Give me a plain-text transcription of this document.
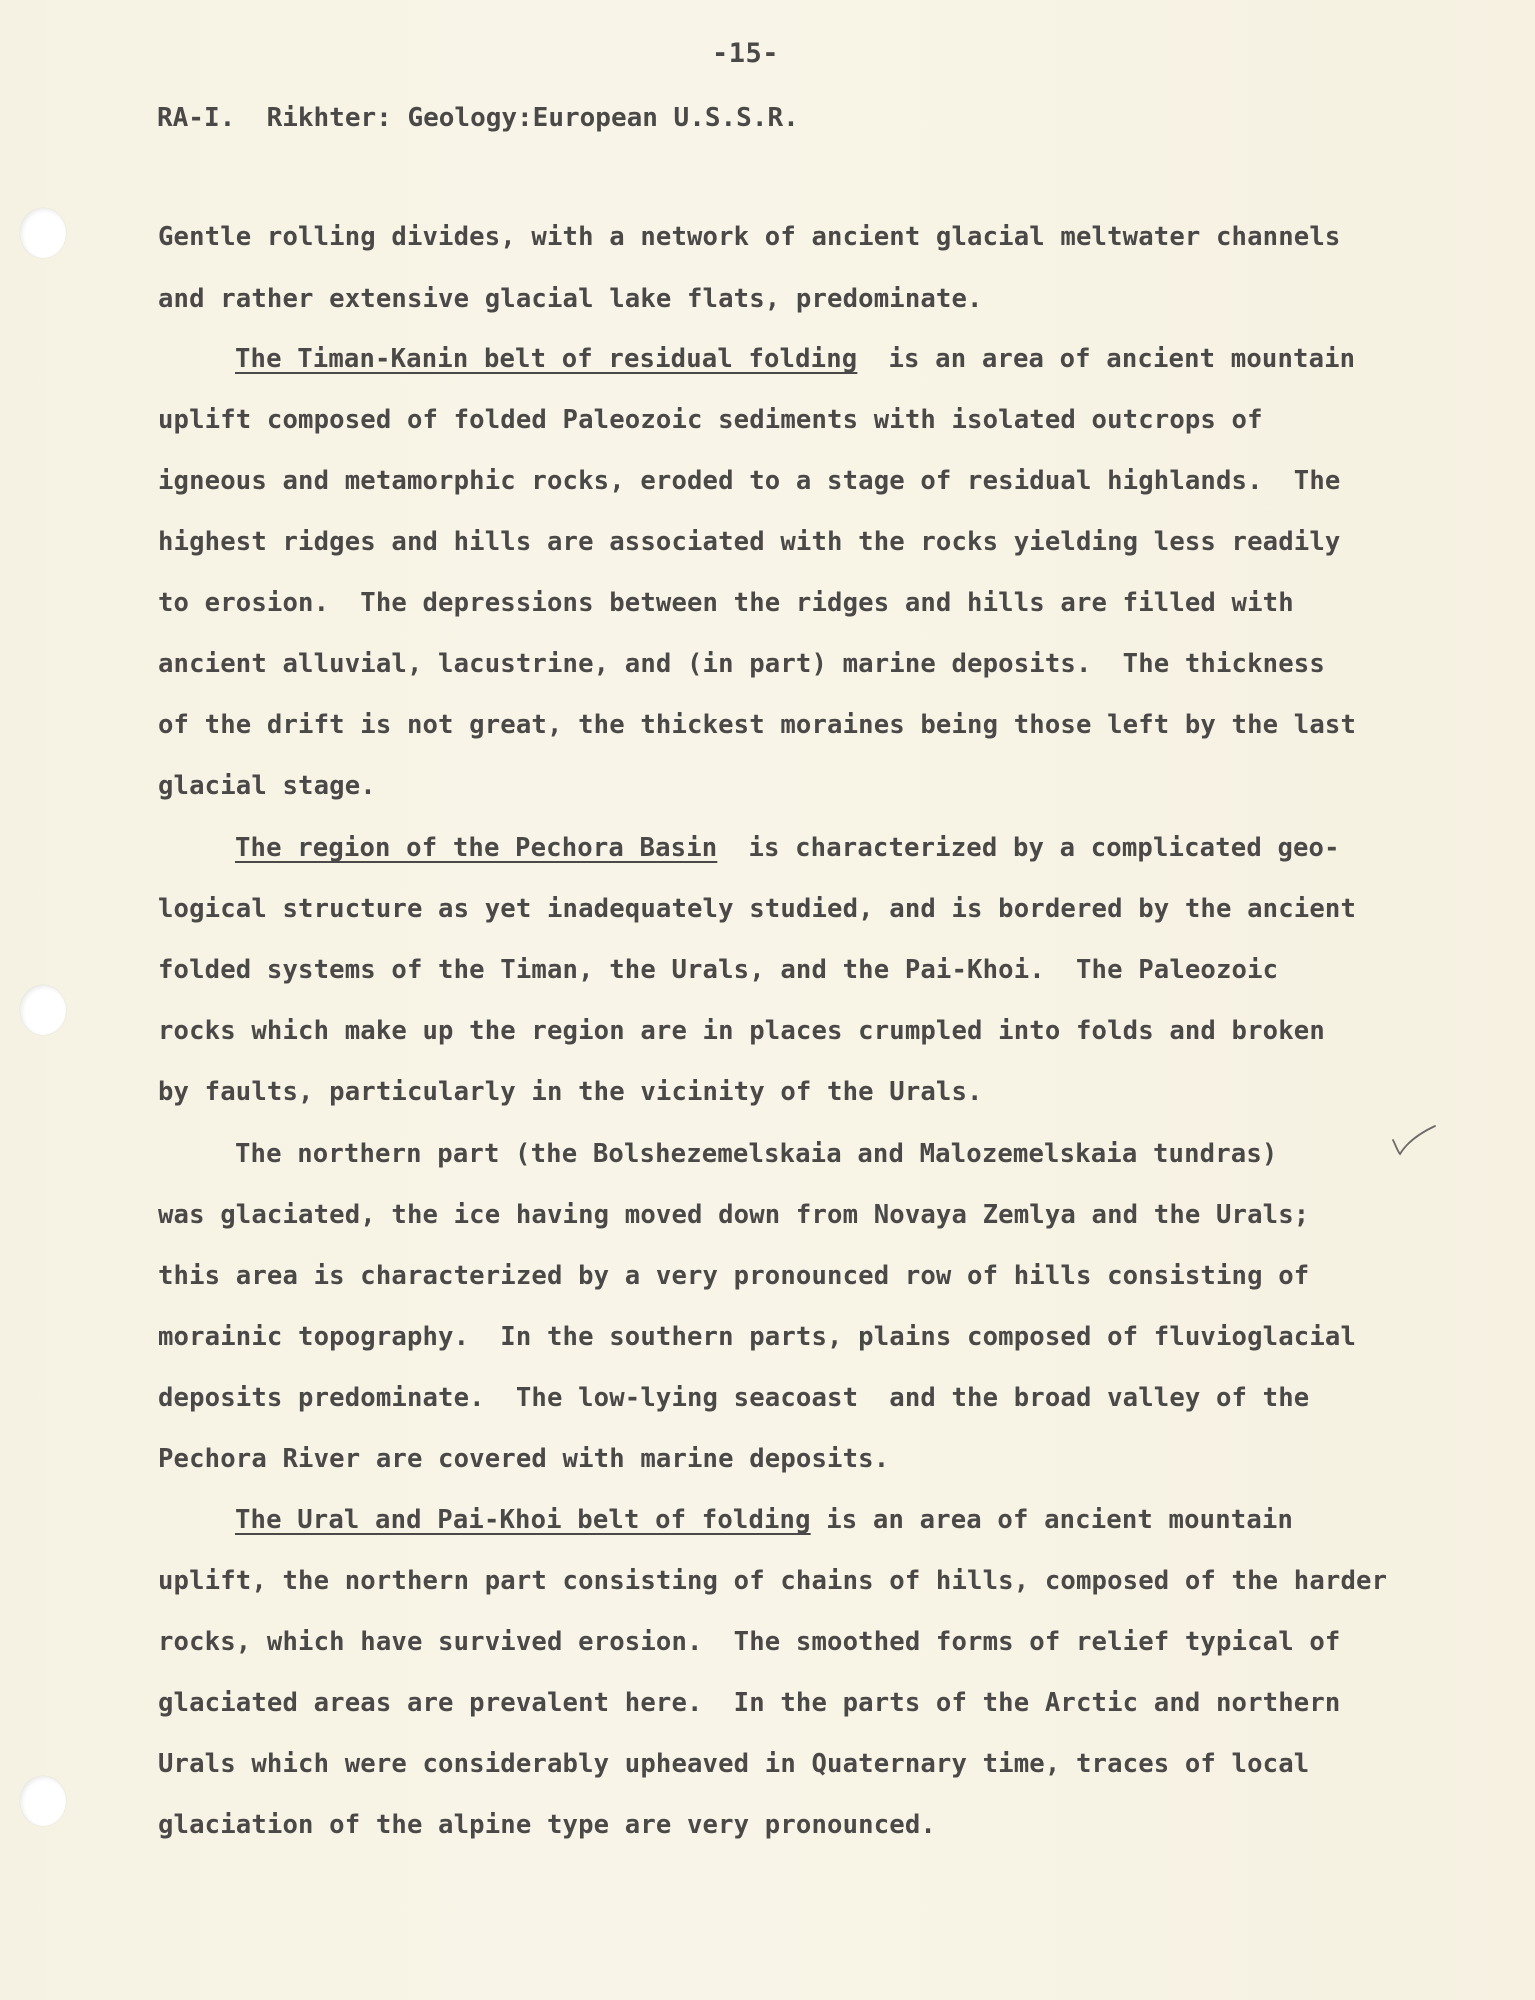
-15-
RA-I.  Rikhter: Geology:European U.S.S.R.
Gentle rolling divides, with a network of ancient glacial meltwater channels
and rather extensive glacial lake flats, predominate.
The Timan-Kanin belt of residual folding  is an area of ancient mountain
uplift composed of folded Paleozoic sediments with isolated outcrops of
igneous and metamorphic rocks, eroded to a stage of residual highlands.  The
highest ridges and hills are associated with the rocks yielding less readily
to erosion.  The depressions between the ridges and hills are filled with
ancient alluvial, lacustrine, and (in part) marine deposits.  The thickness
of the drift is not great, the thickest moraines being those left by the last
glacial stage.
The region of the Pechora Basin  is characterized by a complicated geo-
logical structure as yet inadequately studied, and is bordered by the ancient
folded systems of the Timan, the Urals, and the Pai-Khoi.  The Paleozoic
rocks which make up the region are in places crumpled into folds and broken
by faults, particularly in the vicinity of the Urals.
The northern part (the Bolshezemelskaia and Malozemelskaia tundras)
was glaciated, the ice having moved down from Novaya Zemlya and the Urals;
this area is characterized by a very pronounced row of hills consisting of
morainic topography.  In the southern parts, plains composed of fluvioglacial
deposits predominate.  The low-lying seacoast  and the broad valley of the
Pechora River are covered with marine deposits.
The Ural and Pai-Khoi belt of folding is an area of ancient mountain
uplift, the northern part consisting of chains of hills, composed of the harder
rocks, which have survived erosion.  The smoothed forms of relief typical of
glaciated areas are prevalent here.  In the parts of the Arctic and northern
Urals which were considerably upheaved in Quaternary time, traces of local
glaciation of the alpine type are very pronounced.
